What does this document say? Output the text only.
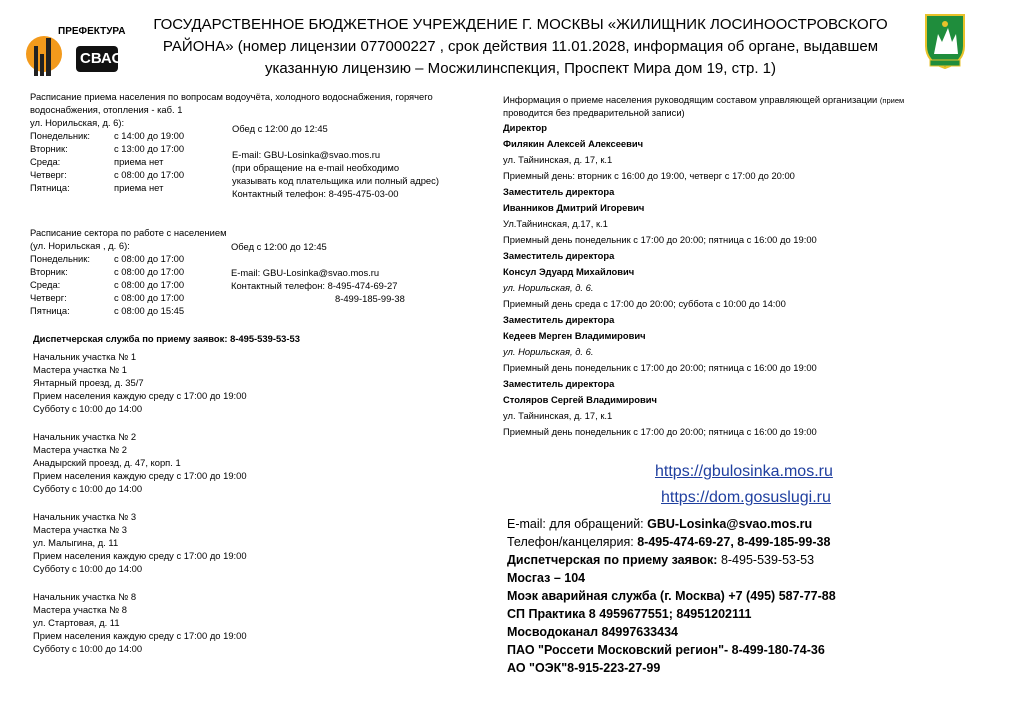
ПРЕФЕКТУРА
СВАО
ГОСУДАРСТВЕННОЕ БЮДЖЕТНОЕ УЧРЕЖДЕНИЕ Г. МОСКВЫ «ЖИЛИЩНИК ЛОСИНООСТРОВСКОГО РАЙОНА» (номер лицензии 077000227 , срок действия 11.01.2028, информация об органе, выдавшем указанную лицензию – Мосжилинспекция, Проспект Мира дом 19, стр. 1)
Расписание приема населения по вопросам водоучёта, холодного водоснабжения, горячего
водоснабжения, отопления - каб. 1
ул. Норильская, д. 6):
Понедельник:	с 14:00 до 19:00
Вторник:	с 13:00 до 17:00
Среда:	приема нет
Четверг:	с 08:00 до 17:00
Пятница:	приема нет
Обед с 12:00 до 12:45
E-mail: GBU-Losinka@svao.mos.ru
(при обращение на e-mail необходимо
указывать код плательщика или полный адрес)
Контактный телефон: 8-495-475-03-00
Расписание сектора по работе с населением
(ул. Норильская , д. 6):
Понедельник:	с 08:00 до 17:00
Вторник:	с 08:00 до 17:00
Среда:	с 08:00 до 17:00
Четверг:	с 08:00 до 17:00
Пятница:	с 08:00 до 15:45
Обед с 12:00 до 12:45
E-mail: GBU-Losinka@svao.mos.ru
Контактный телефон: 8-495-474-69-27
8-499-185-99-38
Диспетчерская служба по приему заявок: 8-495-539-53-53
Начальник участка № 1
Мастера участка № 1
Янтарный проезд, д. 35/7
Прием населения каждую среду с 17:00 до 19:00
Субботу с 10:00 до 14:00
Начальник участка № 2
Мастера участка № 2
Анадырский проезд, д. 47, корп. 1
Прием населения каждую среду с 17:00 до 19:00
Субботу с 10:00 до 14:00
Начальник участка № 3
Мастера участка № 3
ул. Малыгина, д. 11
Прием населения каждую среду с 17:00 до 19:00
Субботу с 10:00 до 14:00
Начальник участка № 8
Мастера участка № 8
ул. Стартовая, д. 11
Прием населения каждую среду с 17:00 до 19:00
Субботу с 10:00 до 14:00
Информация о приеме населения руководящим составом управляющей организации (прием
проводится без предварительной записи)
Директор
Филякин Алексей Алексеевич
ул. Тайнинская, д. 17, к.1
Приемный день: вторник с 16:00 до 19:00, четверг с 17:00 до 20:00
Заместитель директора
Иванников Дмитрий Игоревич
Ул.Тайнинская, д.17, к.1
Приемный день понедельник с 17:00 до 20:00; пятница с 16:00 до 19:00
Заместитель директора
Консул Эдуард Михайлович
ул. Норильская, д. 6.
Приемный день среда с 17:00 до 20:00; суббота с 10:00 до 14:00
Заместитель директора
Кедеев Мерген Владимирович
ул. Норильская, д. 6.
Приемный день понедельник с 17:00 до 20:00; пятница с 16:00 до 19:00
Заместитель директора
Столяров Сергей Владимирович
ул. Тайнинская, д. 17, к.1
Приемный день понедельник с 17:00 до 20:00; пятница с 16:00 до 19:00
https://gbulosinka.mos.ru
https://dom.gosuslugi.ru
E-mail: для обращений: GBU-Losinka@svao.mos.ru
Телефон/канцелярия: 8-495-474-69-27, 8-499-185-99-38
Диспетчерская по приему заявок: 8-495-539-53-53
Мосгаз – 104
Моэк аварийная служба (г. Москва) +7 (495) 587-77-88
СП Практика 8 4959677551; 84951202111
Мосводоканал 84997633434
ПАО "Россети Московский регион"- 8-499-180-74-36
АО "ОЭК"8-915-223-27-99
